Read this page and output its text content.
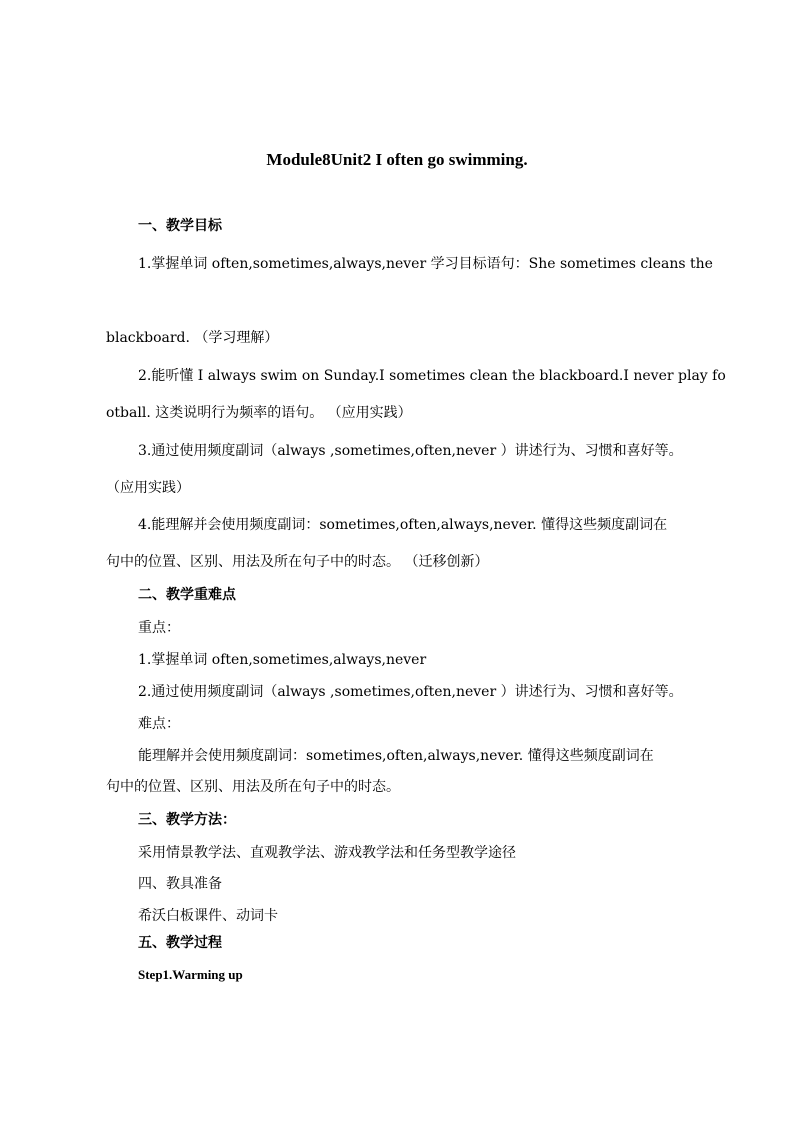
Module8Unit2 I often go swimming.
一、教学目标
1.掌握单词 often,sometimes,always,never 学习目标语句：She sometimes cleans the
blackboard. （学习理解）
2.能听懂 I always swim on Sunday.I sometimes clean the blackboard.I never play fo
otball. 这类说明行为频率的语句。 （应用实践）
3.通过使用频度副词（always ,sometimes,often,never ）讲述行为、习惯和喜好等。
（应用实践）
4.能理解并会使用频度副词：sometimes,often,always,never. 懂得这些频度副词在
句中的位置、区别、用法及所在句子中的时态。 （迁移创新）
二、教学重难点
重点：
1.掌握单词 often,sometimes,always,never
2.通过使用频度副词（always ,sometimes,often,never ）讲述行为、习惯和喜好等。
难点：
能理解并会使用频度副词：sometimes,often,always,never. 懂得这些频度副词在
句中的位置、区别、用法及所在句子中的时态。
三、教学方法：
采用情景教学法、直观教学法、游戏教学法和任务型教学途径
四、教具准备
希沃白板课件、动词卡
五、教学过程
Step1.Warming up
